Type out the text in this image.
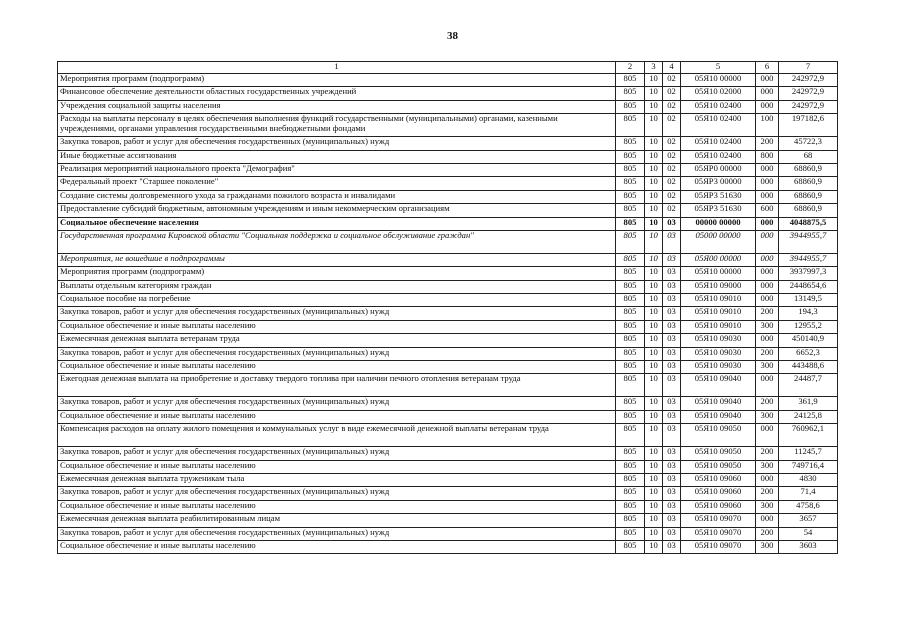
38
1	2	3	4	5	6	7
Мероприятия программ (подпрограмм)	805	10	02	05Я10 00000	000	242972,9
Финансовое обеспечение деятельности областных государственных учреждений	805	10	02	05Я10 02000	000	242972,9
Учреждения социальной защиты населения	805	10	02	05Я10 02400	000	242972,9
Расходы на выплаты персоналу в целях обеспечения выполнения функций государственными (муниципальными) органами, казенными учреждениями, органами управления государственными внебюджетными фондами	805	10	02	05Я10 02400	100	197182,6
Закупка товаров, работ и услуг для обеспечения государственных (муниципальных) нужд	805	10	02	05Я10 02400	200	45722,3
Иные бюджетные ассигнования	805	10	02	05Я10 02400	800	68
Реализация мероприятий национального проекта "Демография"	805	10	02	05ЯР0 00000	000	68860,9
Федеральный проект "Старшее поколение"	805	10	02	05ЯР3 00000	000	68860,9
Создание системы долговременного ухода за гражданами пожилого возраста и инвалидами	805	10	02	05ЯР3 51630	000	68860,9
Предоставление субсидий бюджетным, автономным учреждениям и иным некоммерческим организациям	805	10	02	05ЯР3 51630	600	68860,9
Социальное обеспечение населения	805	10	03	00000 00000	000	4048875,5
Государственная программа Кировской области "Социальная поддержка и социальное обслуживание граждан"	805	10	03	05000 00000	000	3944955,7
Мероприятия, не вошедшие в подпрограммы	805	10	03	05Я00 00000	000	3944955,7
Мероприятия программ (подпрограмм)	805	10	03	05Я10 00000	000	3937997,3
Выплаты отдельным категориям граждан	805	10	03	05Я10 09000	000	2448654,6
Социальное пособие на погребение	805	10	03	05Я10 09010	000	13149,5
Закупка товаров, работ и услуг для обеспечения государственных (муниципальных) нужд	805	10	03	05Я10 09010	200	194,3
Социальное обеспечение и иные выплаты населению	805	10	03	05Я10 09010	300	12955,2
Ежемесячная денежная выплата ветеранам труда	805	10	03	05Я10 09030	000	450140,9
Закупка товаров, работ и услуг для обеспечения государственных (муниципальных) нужд	805	10	03	05Я10 09030	200	6652,3
Социальное обеспечение и иные выплаты населению	805	10	03	05Я10 09030	300	443488,6
Ежегодная денежная выплата на приобретение и доставку твердого топлива при наличии печного отопления ветеранам труда	805	10	03	05Я10 09040	000	24487,7
Закупка товаров, работ и услуг для обеспечения государственных (муниципальных) нужд	805	10	03	05Я10 09040	200	361,9
Социальное обеспечение и иные выплаты населению	805	10	03	05Я10 09040	300	24125,8
Компенсация расходов на оплату жилого помещения и коммунальных услуг в виде ежемесячной денежной выплаты ветеранам труда	805	10	03	05Я10 09050	000	760962,1
Закупка товаров, работ и услуг для обеспечения государственных (муниципальных) нужд	805	10	03	05Я10 09050	200	11245,7
Социальное обеспечение и иные выплаты населению	805	10	03	05Я10 09050	300	749716,4
Ежемесячная денежная выплата труженикам тыла	805	10	03	05Я10 09060	000	4830
Закупка товаров, работ и услуг для обеспечения государственных (муниципальных) нужд	805	10	03	05Я10 09060	200	71,4
Социальное обеспечение и иные выплаты населению	805	10	03	05Я10 09060	300	4758,6
Ежемесячная денежная выплата реабилитированным лицам	805	10	03	05Я10 09070	000	3657
Закупка товаров, работ и услуг для обеспечения государственных (муниципальных) нужд	805	10	03	05Я10 09070	200	54
Социальное обеспечение и иные выплаты населению	805	10	03	05Я10 09070	300	3603
